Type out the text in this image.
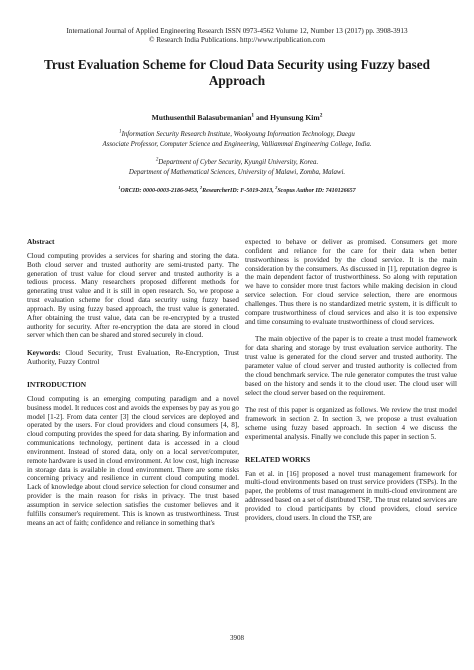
International Journal of Applied Engineering Research ISSN 0973-4562 Volume 12, Number 13 (2017) pp. 3908-3913
© Research India Publications. http://www.ripublication.com
Trust Evaluation Scheme for Cloud Data Security using Fuzzy based Approach
Muthusenthil Balasubrmanian$^1$ and Hyunsung Kim$^2$
$^1$Information Security Research Institute, Wookyoung Information Technology, Daegu
Associate Professor, Computer Science and Engineering, Valliammai Engineering College, India.
$^2$Department of Cyber Security, Kyungil University, Korea.
Department of Mathematical Sciences, University of Malawi, Zomba, Malawi.
$^1$ORCID: 0000-0003-2186-9453, $^2$ResearcherID: F-5019-2013, $^2$Scopus Author ID: 7410126657

Abstract

Cloud computing provides a services for sharing and storing the data. Both cloud server and trusted authority are semi-trusted party. The generation of trust value for cloud server and trusted authority is a tedious process. Many researchers proposed different methods for generating trust value and it is still in open research. So, we propose a trust evaluation scheme for cloud data security using fuzzy based approach. By using fuzzy based approach, the trust value is generated. After obtaining the trust value, data can be re-encrypted by a trusted authority for security. After re-encryption the data are stored in cloud server which then can be shared and stored securely in cloud.

Keywords: Cloud Security, Trust Evaluation, Re-Encryption, Trust Authority, Fuzzy Control

INTRODUCTION

Cloud computing is an emerging computing paradigm and a novel business model. It reduces cost and avoids the expenses by pay as you go model [1-2]. From data center [3] the cloud services are deployed and operated by the users. For cloud providers and cloud consumers [4, 8], cloud computing provides the speed for data sharing. By information and communications technology, pertinent data is accessed in a cloud environment. Instead of stored data, only on a local server/computer, remote hardware is used in cloud environment. At low cost, high increase in storage data is available in cloud environment. There are some risks concerning privacy and resilience in current cloud computing model. Lack of knowledge about cloud service selection for cloud consumer and provider is the main reason for risks in privacy. The trust based assumption in service selection satisfies the customer believes and it fulfills consumer's requirement. This is known as trustworthiness. Trust means an act of faith; confidence and reliance in something that's

expected to behave or deliver as promised. Consumers get more confident and reliance for the care for their data when better trustworthiness is provided by the cloud service. It is the main consideration by the consumers. As discussed in [1], reputation degree is the main dependent factor of trustworthiness. So along with reputation we have to consider more trust factors while making decision in cloud service selection. For cloud service selection, there are enormous challenges. Thus there is no standardized metric system, it is difficult to compare trustworthiness of cloud services and also it is too expensive and time consuming to evaluate trustworthiness of cloud services.

The main objective of the paper is to create a trust model framework for data sharing and storage by trust evaluation service authority. The trust value is generated for the cloud server and trusted authority. The parameter value of cloud server and trusted authority is collected from the cloud benchmark service. The rule generator computes the trust value based on the history and sends it to the cloud user. The cloud user will select the cloud server based on the requirement.

The rest of this paper is organized as follows. We review the trust model framework in section 2. In section 3, we propose a trust evaluation scheme using fuzzy based approach. In section 4 we discuss the experimental analysis. Finally we conclude this paper in section 5.

RELATED WORKS

Fan et al. in [16] proposed a novel trust management framework for multi-cloud environments based on trust service providers (TSPs). In the paper, the problems of trust management in multi-cloud environment are addressed based on a set of distributed TSP,. The trust related services are provided to cloud participants by cloud providers, cloud service providers, cloud users. In cloud the TSP, are

3908
